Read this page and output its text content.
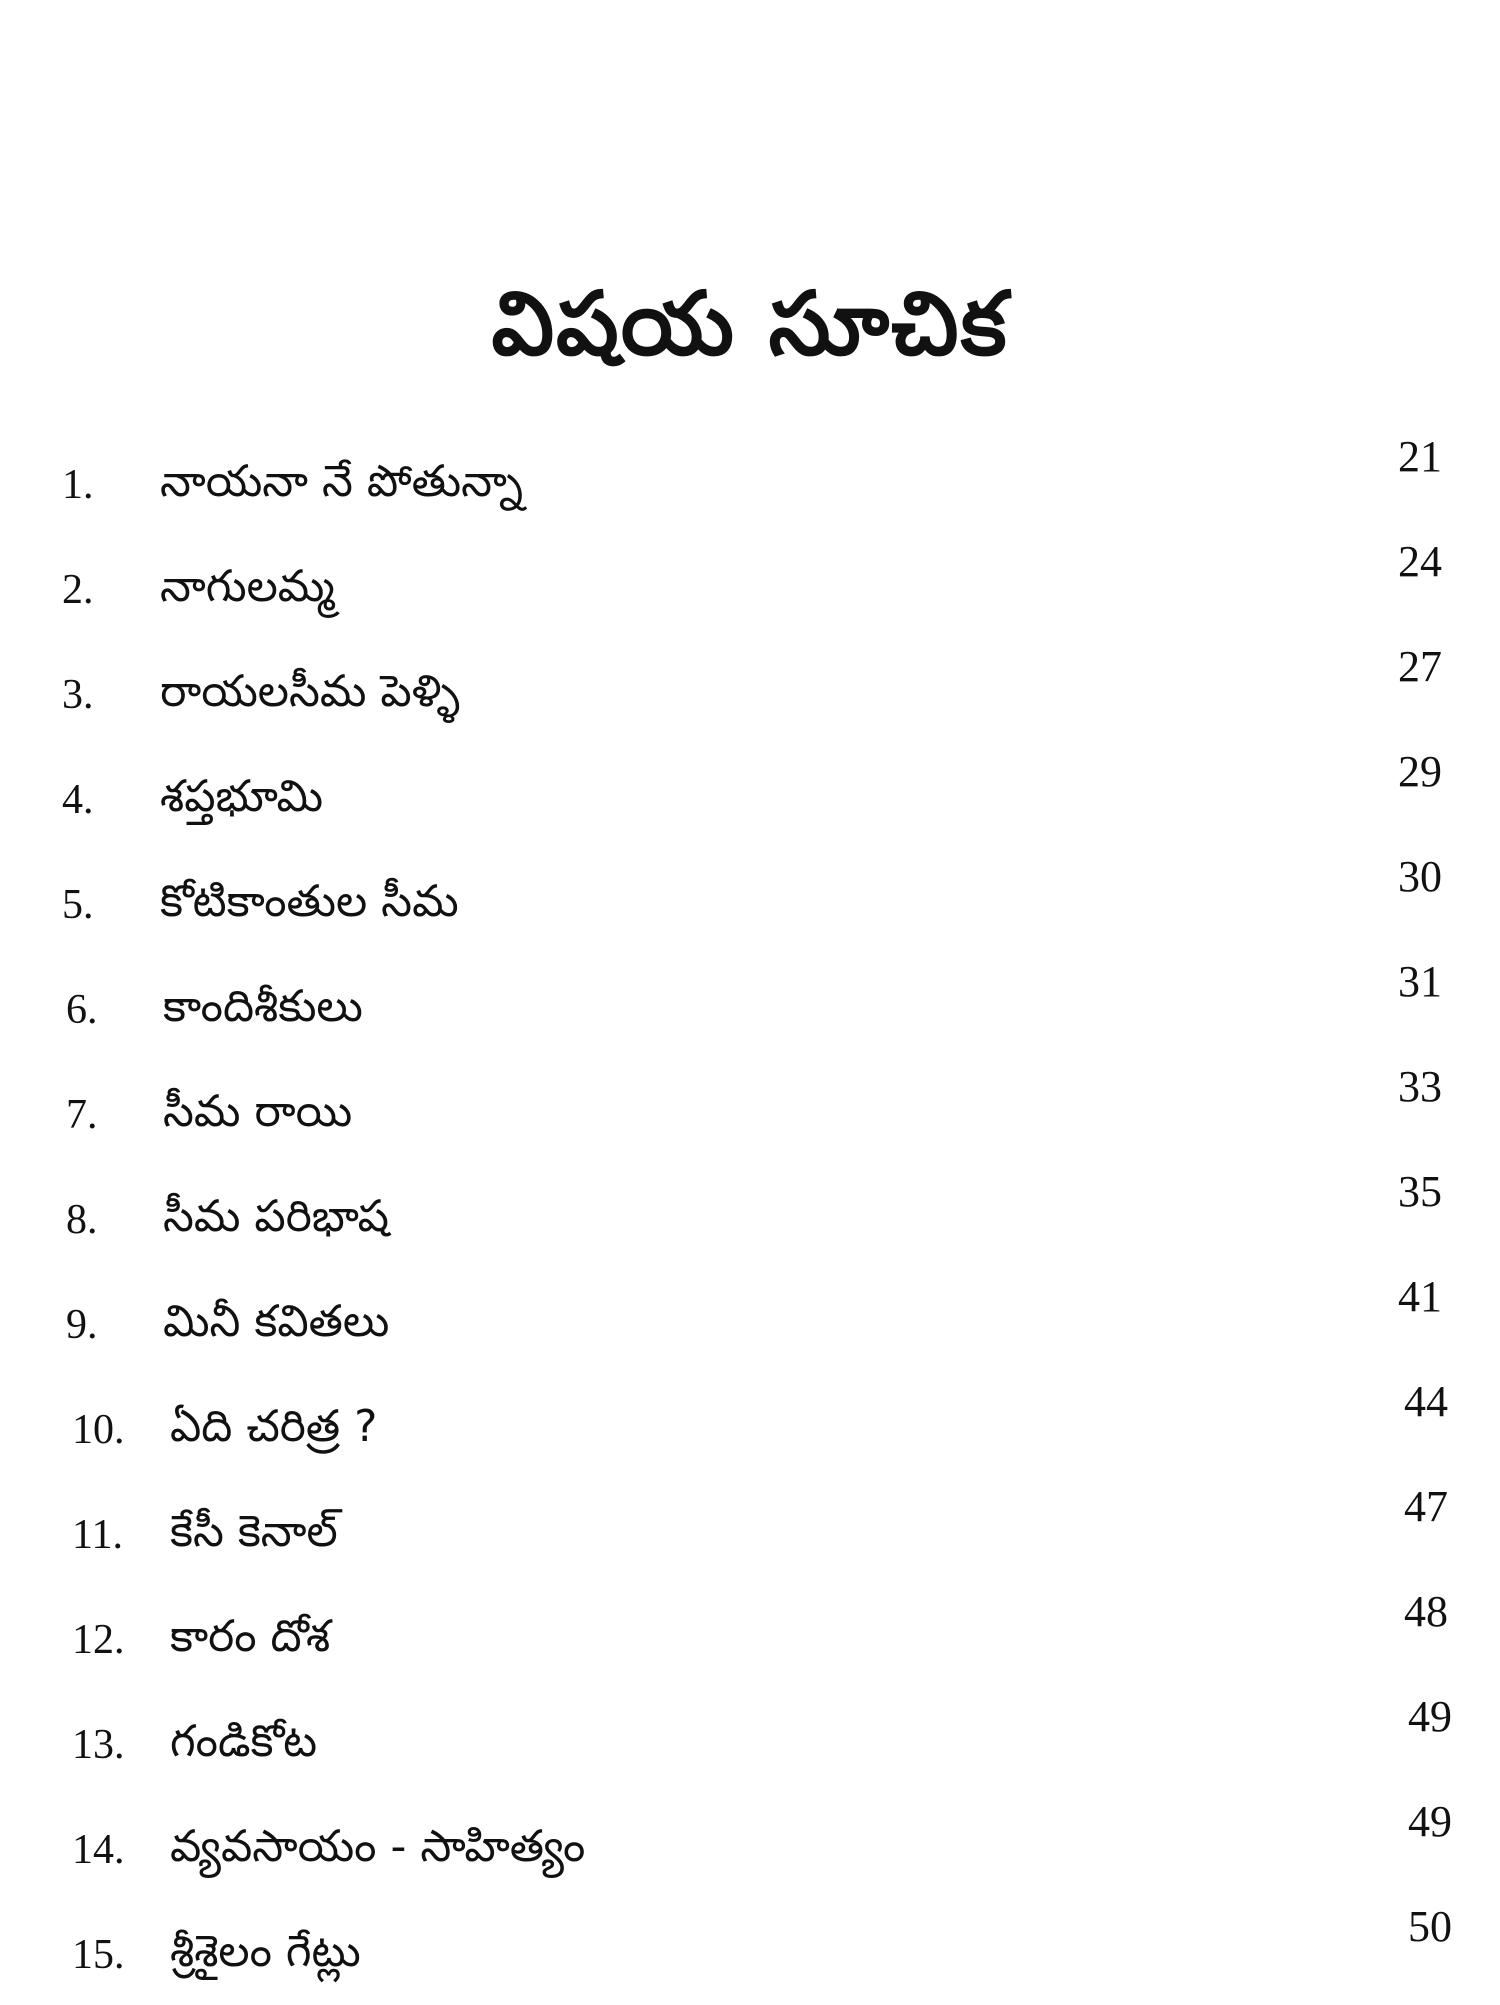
విషయ సూచిక
1.	నాయనా నే పోతున్నా	21
2.	నాగులమ్మ	24
3.	రాయలసీమ పెళ్ళి	27
4.	శప్తభూమి	29
5.	కోటికాంతుల సీమ	30
6.	కాందిశీకులు	31
7.	సీమ రాయి	33
8.	సీమ పరిభాష	35
9.	మినీ కవితలు	41
10.	ఏది చరిత్ర ?	44
11.	కేసీ కెనాల్	47
12.	కారం దోశ	48
13.	గండికోట	49
14.	వ్యవసాయం - సాహిత్యం	49
15.	శ్రీశైలం గేట్లు	50
